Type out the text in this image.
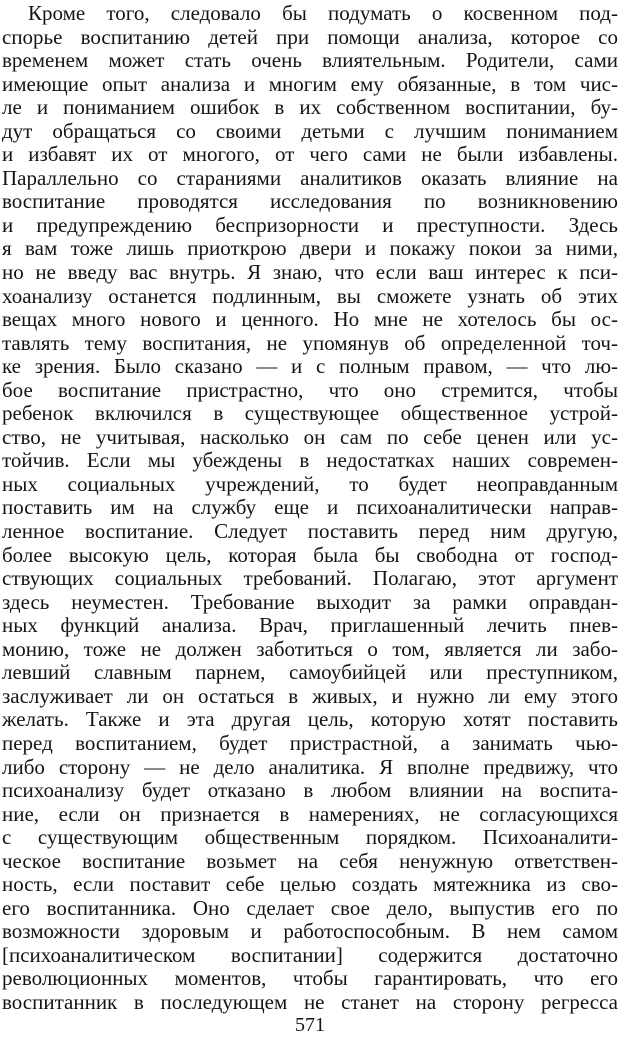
Кроме того, следовало бы подумать о косвенном под-
спорье воспитанию детей при помощи анализа, которое со
временем может стать очень влиятельным. Родители, сами
имеющие опыт анализа и многим ему обязанные, в том чис-
ле и пониманием ошибок в их собственном воспитании, бу-
дут обращаться со своими детьми с лучшим пониманием
и избавят их от многого, от чего сами не были избавлены.
Параллельно со стараниями аналитиков оказать влияние на
воспитание проводятся исследования по возникновению
и предупреждению беспризорности и преступности. Здесь
я вам тоже лишь приоткрою двери и покажу покои за ними,
но не введу вас внутрь. Я знаю, что если ваш интерес к пси-
хоанализу останется подлинным, вы сможете узнать об этих
вещах много нового и ценного. Но мне не хотелось бы ос-
тавлять тему воспитания, не упомянув об определенной точ-
ке зрения. Было сказано — и с полным правом, — что лю-
бое воспитание пристрастно, что оно стремится, чтобы
ребенок включился в существующее общественное устрой-
ство, не учитывая, насколько он сам по себе ценен или ус-
тойчив. Если мы убеждены в недостатках наших современ-
ных социальных учреждений, то будет неоправданным
поставить им на службу еще и психоаналитически направ-
ленное воспитание. Следует поставить перед ним другую,
более высокую цель, которая была бы свободна от господ-
ствующих социальных требований. Полагаю, этот аргумент
здесь неуместен. Требование выходит за рамки оправдан-
ных функций анализа. Врач, приглашенный лечить пнев-
монию, тоже не должен заботиться о том, является ли забо-
левший славным парнем, самоубийцей или преступником,
заслуживает ли он остаться в живых, и нужно ли ему этого
желать. Также и эта другая цель, которую хотят поставить
перед воспитанием, будет пристрастной, а занимать чью-
либо сторону — не дело аналитика. Я вполне предвижу, что
психоанализу будет отказано в любом влиянии на воспита-
ние, если он признается в намерениях, не согласующихся
с существующим общественным порядком. Психоаналити-
ческое воспитание возьмет на себя ненужную ответствен-
ность, если поставит себе целью создать мятежника из сво-
его воспитанника. Оно сделает свое дело, выпустив его по
возможности здоровым и работоспособным. В нем самом
[психоаналитическом воспитании] содержится достаточно
революционных моментов, чтобы гарантировать, что его
воспитанник в последующем не станет на сторону регресса
571
